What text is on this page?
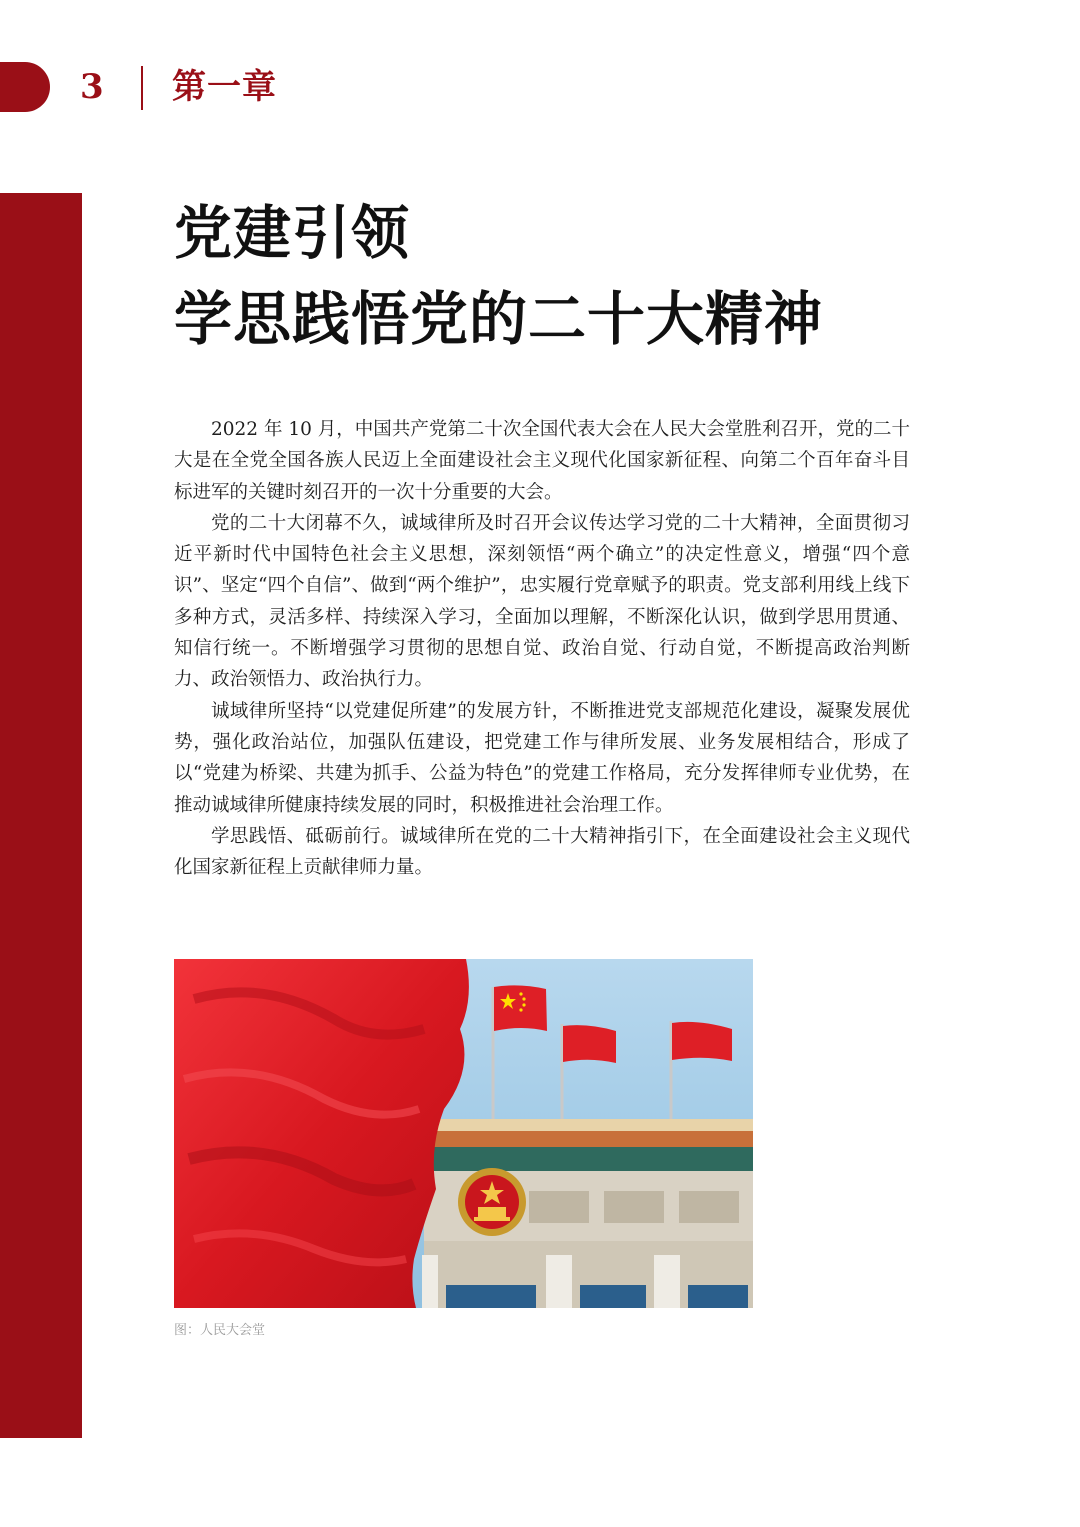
3 第一章
党建引领
学思践悟党的二十大精神

2022 年 10 月，中国共产党第二十次全国代表大会在人民大会堂胜利召开，党的二十大是在全党全国各族人民迈上全面建设社会主义现代化国家新征程、向第二个百年奋斗目标进军的关键时刻召开的一次十分重要的大会。

党的二十大闭幕不久，诚域律所及时召开会议传达学习党的二十大精神，全面贯彻习近平新时代中国特色社会主义思想，深刻领悟“两个确立”的决定性意义，增强“四个意识”、坚定“四个自信”、做到“两个维护”，忠实履行党章赋予的职责。党支部利用线上线下多种方式，灵活多样、持续深入学习，全面加以理解，不断深化认识，做到学思用贯通、知信行统一。不断增强学习贯彻的思想自觉、政治自觉、行动自觉，不断提高政治判断力、政治领悟力、政治执行力。

诚域律所坚持“以党建促所建”的发展方针，不断推进党支部规范化建设，凝聚发展优势，强化政治站位，加强队伍建设，把党建工作与律所发展、业务发展相结合，形成了以“党建为桥梁、共建为抓手、公益为特色”的党建工作格局，充分发挥律师专业优势，在推动诚域律所健康持续发展的同时，积极推进社会治理工作。

学思践悟、砥砺前行。诚域律所在党的二十大精神指引下，在全面建设社会主义现代化国家新征程上贡献律师力量。

图：人民大会堂
